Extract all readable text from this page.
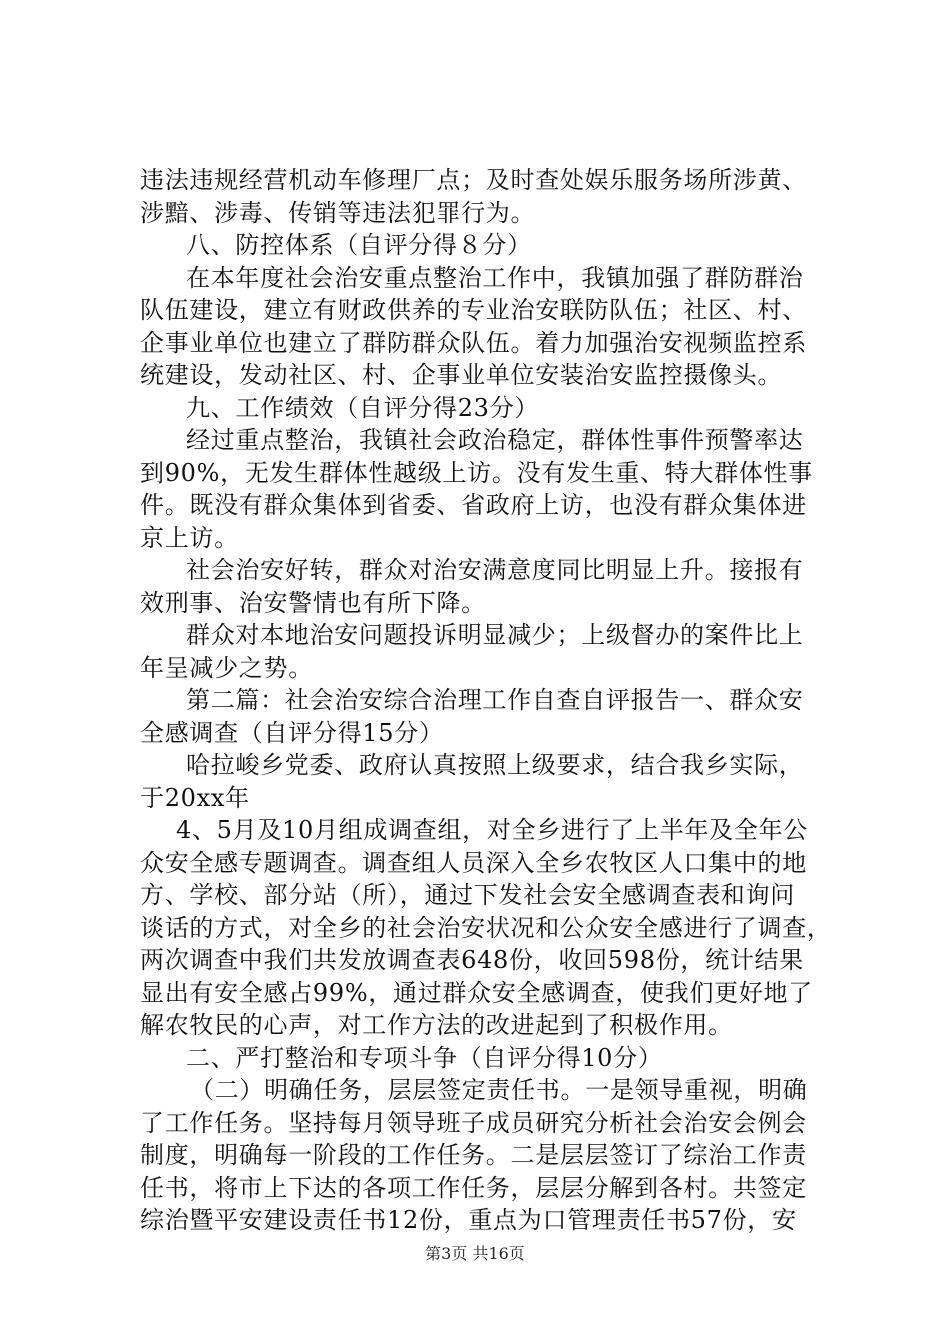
违法违规经营机动车修理厂点；及时查处娱乐服务场所涉黄、
涉黯、涉毒、传销等违法犯罪行为。
八、防控体系（自评分得８分）
在本年度社会治安重点整治工作中，我镇加强了群防群治
队伍建设，建立有财政供养的专业治安联防队伍；社区、村、
企事业单位也建立了群防群众队伍。着力加强治安视频监控系
统建设，发动社区、村、企事业单位安装治安监控摄像头。
九、工作绩效（自评分得23分）
经过重点整治，我镇社会政治稳定，群体性事件预警率达
到90%，无发生群体性越级上访。没有发生重、特大群体性事
件。既没有群众集体到省委、省政府上访，也没有群众集体进
京上访。
社会治安好转，群众对治安满意度同比明显上升。接报有
效刑事、治安警情也有所下降。
群众对本地治安问题投诉明显减少；上级督办的案件比上
年呈减少之势。
第二篇：社会治安综合治理工作自查自评报告一、群众安
全感调查（自评分得15分）
哈拉峻乡党委、政府认真按照上级要求，结合我乡实际，
于20xx年
4、5月及10月组成调查组，对全乡进行了上半年及全年公
众安全感专题调查。调查组人员深入全乡农牧区人口集中的地
方、学校、部分站（所），通过下发社会安全感调查表和询问
谈话的方式，对全乡的社会治安状况和公众安全感进行了调查，
两次调查中我们共发放调查表648份，收回598份，统计结果
显出有安全感占99%，通过群众安全感调查，使我们更好地了
解农牧民的心声，对工作方法的改进起到了积极作用。
二、严打整治和专项斗争（自评分得10分）
（二）明确任务，层层签定责任书。一是领导重视，明确
了工作任务。坚持每月领导班子成员研究分析社会治安会例会
制度，明确每一阶段的工作任务。二是层层签订了综治工作责
任书，将市上下达的各项工作任务，层层分解到各村。共签定
综治暨平安建设责任书12份，重点为口管理责任书57份，安
第3页 共16页
